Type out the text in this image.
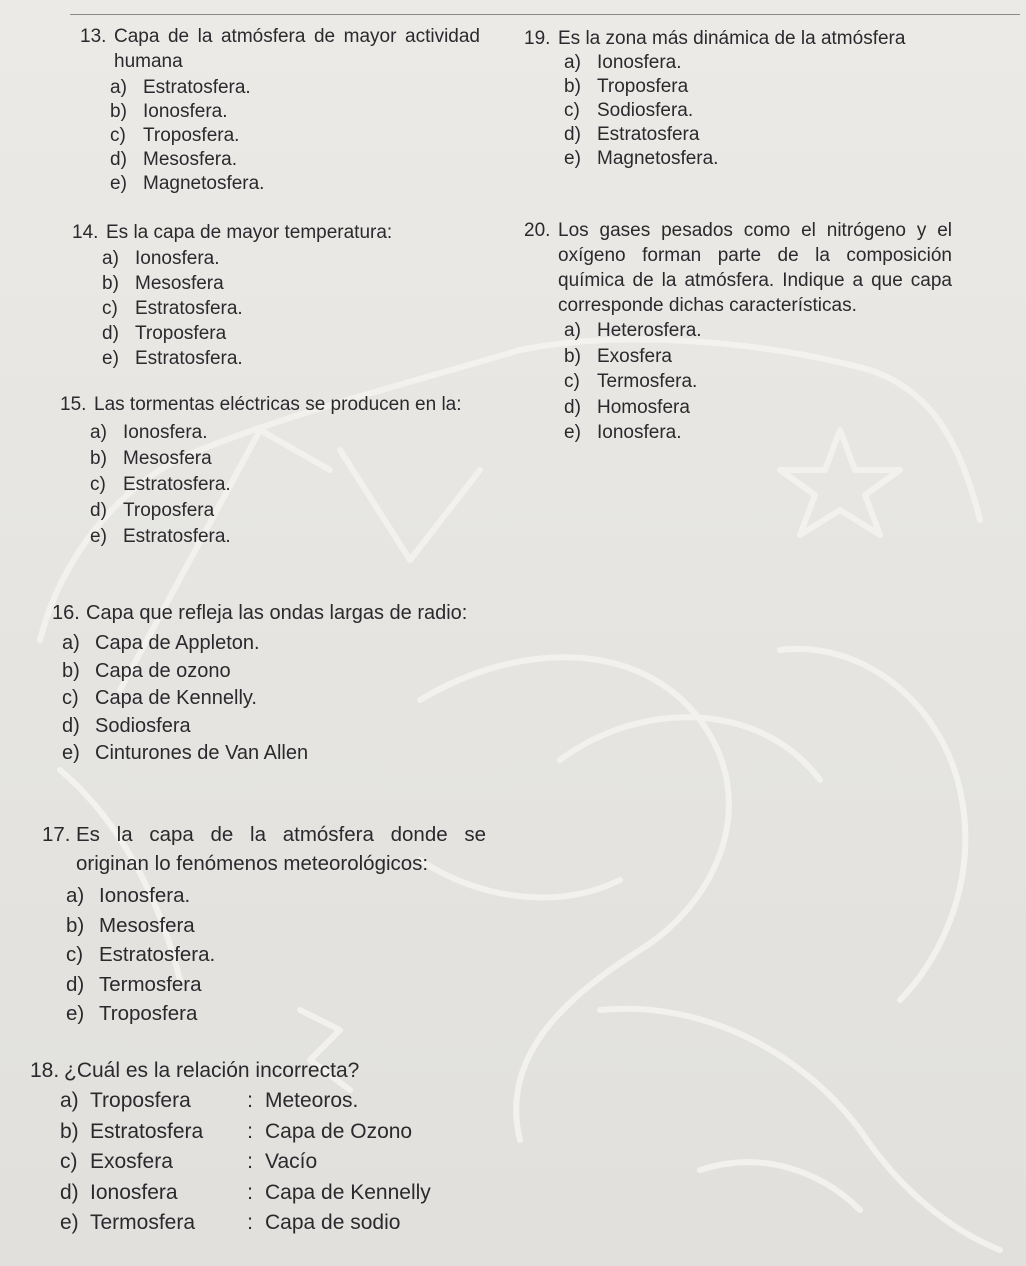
13. Capa de la atmósfera de mayor actividad humana
a) Estratosfera.
b) Ionosfera.
c) Troposfera.
d) Mesosfera.
e) Magnetosfera.
14. Es la capa de mayor temperatura:
a) Ionosfera.
b) Mesosfera
c) Estratosfera.
d) Troposfera
e) Estratosfera.
15. Las tormentas eléctricas se producen en la:
a) Ionosfera.
b) Mesosfera
c) Estratosfera.
d) Troposfera
e) Estratosfera.
16. Capa que refleja las ondas largas de radio:
a) Capa de Appleton.
b) Capa de ozono
c) Capa de Kennelly.
d) Sodiosfera
e) Cinturones de Van Allen
17. Es la capa de la atmósfera donde se originan lo fenómenos meteorológicos:
a) Ionosfera.
b) Mesosfera
c) Estratosfera.
d) Termosfera
e) Troposfera
18. ¿Cuál es la relación incorrecta?
a) Troposfera	: Meteoros.
b) Estratosfera	: Capa de Ozono
c) Exosfera	: Vacío
d) Ionosfera	: Capa de Kennelly
e) Termosfera	: Capa de sodio
19. Es la zona más dinámica de la atmósfera
a) Ionosfera.
b) Troposfera
c) Sodiosfera.
d) Estratosfera
e) Magnetosfera.
20. Los gases pesados como el nitrógeno y el oxígeno forman parte de la composición química de la atmósfera. Indique a que capa corresponde dichas características.
a) Heterosfera.
b) Exosfera
c) Termosfera.
d) Homosfera
e) Ionosfera.
